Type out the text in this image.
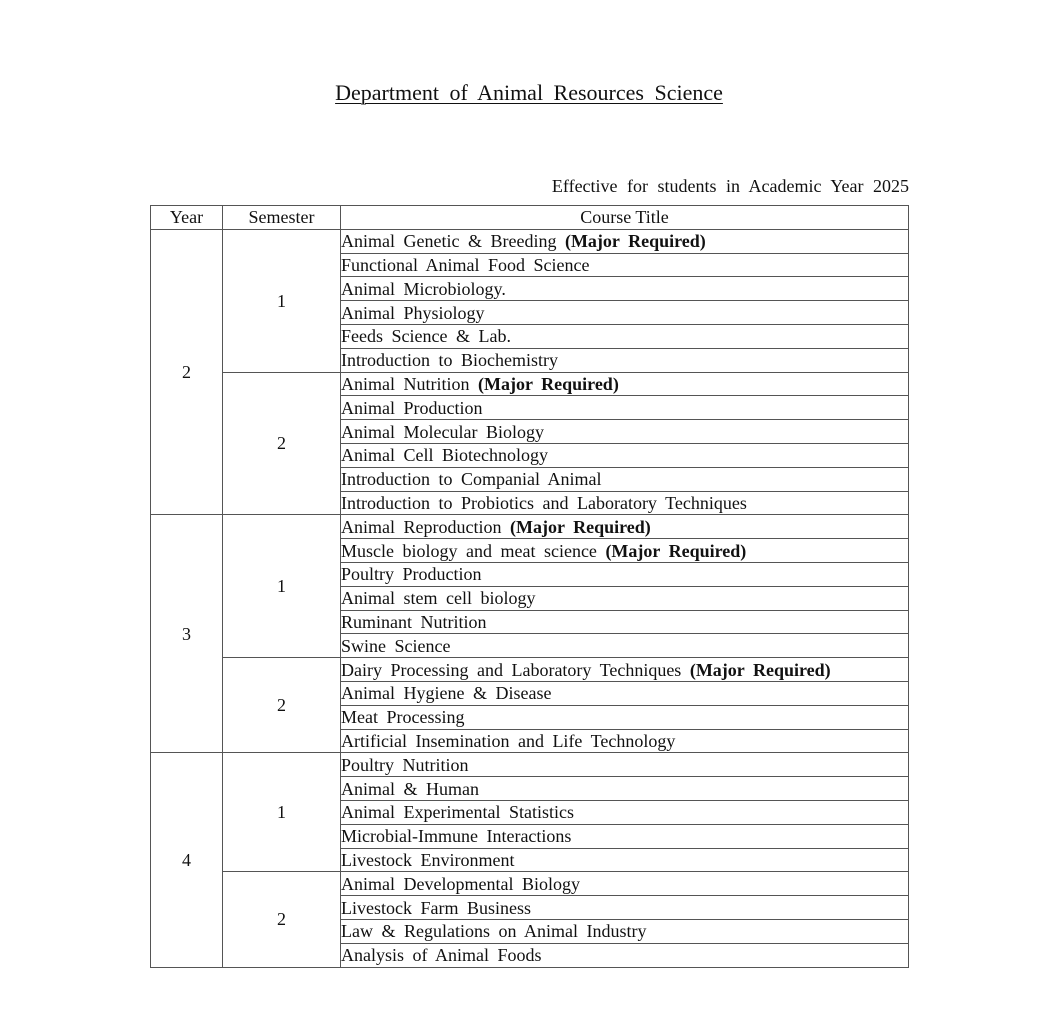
Department of Animal Resources Science
Effective for students in Academic Year 2025
Year	Semester	Course Title
2	1	Animal Genetic & Breeding (Major Required)
		Functional Animal Food Science
		Animal Microbiology.
		Animal Physiology
		Feeds Science & Lab.
		Introduction to Biochemistry
	2	Animal Nutrition (Major Required)
		Animal Production
		Animal Molecular Biology
		Animal Cell Biotechnology
		Introduction to Companial Animal
		Introduction to Probiotics and Laboratory Techniques
3	1	Animal Reproduction (Major Required)
		Muscle biology and meat science (Major Required)
		Poultry Production
		Animal stem cell biology
		Ruminant Nutrition
		Swine Science
	2	Dairy Processing and Laboratory Techniques (Major Required)
		Animal Hygiene & Disease
		Meat Processing
		Artificial Insemination and Life Technology
4	1	Poultry Nutrition
		Animal & Human
		Animal Experimental Statistics
		Microbial-Immune Interactions
		Livestock Environment
	2	Animal Developmental Biology
		Livestock Farm Business
		Law & Regulations on Animal Industry
		Analysis of Animal Foods
